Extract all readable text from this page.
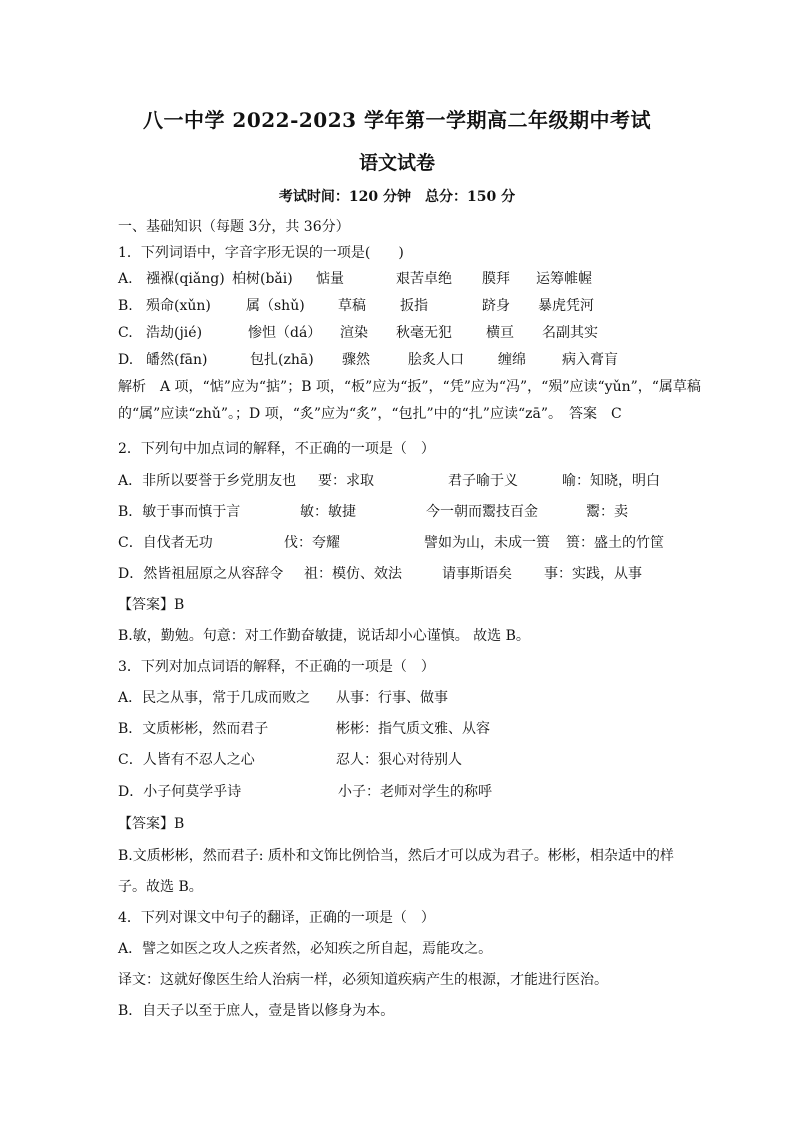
八一中学 2022-2023 学年第一学期高二年级期中考试
语文试卷
考试时间：120 分钟　总分：150 分
一、基础知识（每题 3分，共 36分）
1．下列词语中，字音字形无误的一项是(　　)
A. 襁褓(qiǎng) 柏树(bǎi) 惦量	艰苦卓绝 膜拜 运筹帷幄
B. 殒命(xǔn)	属（shǔ) 草稿 扳指	跻身 暴虎凭河
C. 浩劫(jié)	惨怛（dá） 渲染 秋毫无犯 横亘 名副其实
D. 皤然(fān)	包扎(zhā) 骤然	脍炙人口 缠绵	病入膏肓
解析　A 项，“惦”应为“掂”；B 项，“板”应为“扳”，“凭”应为“冯”，“殒”应读“yǔn”，“属草稿
的“属”应读“zhǔ”。；D 项，“炙”应为“炙”，“包扎”中的“扎”应读“zā”。　答案　C
2．下列句中加点词的解释，不正确的一项是（　）
A．非所以要誉于乡党朋友也 要：求取	君子喻于义	喻：知晓，明白
B．敏于事而慎于言	敏：敏捷	今一朝而鬻技百金	鬻：卖
C．自伐者无功	伐：夸耀	譬如为山，未成一篑 篑：盛土的竹筐
D．然皆祖屈原之从容辞令 祖：模仿、效法	请事斯语矣 事：实践，从事
【答案】B
B.敏，勤勉。句意：对工作勤奋敏捷，说话却小心谨慎。 故选 B。
3．下列对加点词语的解释，不正确的一项是（　）
A．民之从事，常于几成而败之 从事：行事、做事
B．文质彬彬，然而君子	彬彬：指气质文雅、从容
C．人皆有不忍人之心	忍人：狠心对待别人
D．小子何莫学乎诗	小子：老师对学生的称呼
【答案】B
B.文质彬彬，然而君子: 质朴和文饰比例恰当，然后才可以成为君子。彬彬，相杂适中的样
子。故选 B。
4．下列对课文中句子的翻译，正确的一项是（　）
A．譬之如医之攻人之疾者然，必知疾之所自起，焉能攻之。
译文：这就好像医生给人治病一样，必须知道疾病产生的根源，才能进行医治。
B．自天子以至于庶人，壹是皆以修身为本。
